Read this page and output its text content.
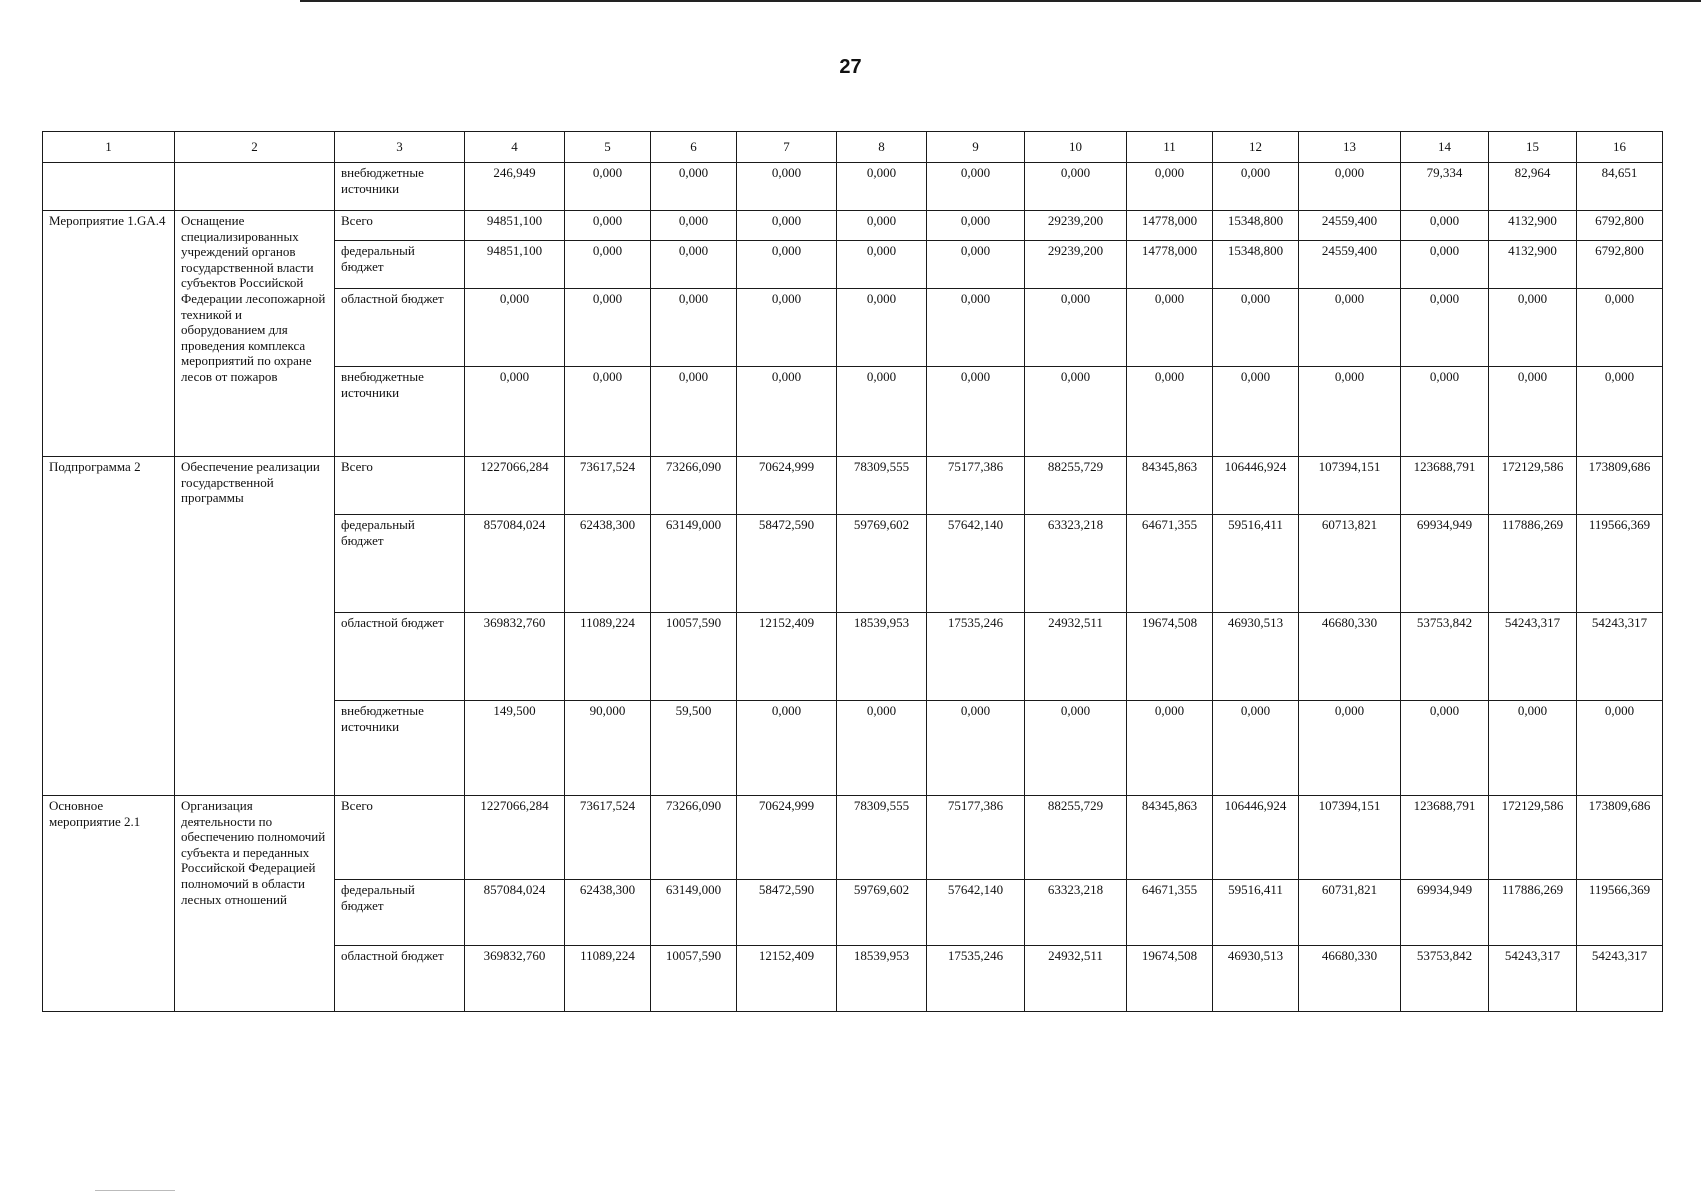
27
1	2	3	4	5	6	7	8	9	10	11	12	13	14	15	16
		внебюджетные источники	246,949	0,000	0,000	0,000	0,000	0,000	0,000	0,000	0,000	0,000	79,334	82,964	84,651
Мероприятие 1.GA.4	Оснащение специализированных учреждений органов государственной власти субъектов Российской Федерации лесопожарной техникой и оборудованием для проведения комплекса мероприятий по охране лесов от пожаров	Всего	94851,100	0,000	0,000	0,000	0,000	0,000	29239,200	14778,000	15348,800	24559,400	0,000	4132,900	6792,800
		федеральный бюджет	94851,100	0,000	0,000	0,000	0,000	0,000	29239,200	14778,000	15348,800	24559,400	0,000	4132,900	6792,800
		областной бюджет	0,000	0,000	0,000	0,000	0,000	0,000	0,000	0,000	0,000	0,000	0,000	0,000	0,000
		внебюджетные источники	0,000	0,000	0,000	0,000	0,000	0,000	0,000	0,000	0,000	0,000	0,000	0,000	0,000
Подпрограмма 2	Обеспечение реализации государственной программы	Всего	1227066,284	73617,524	73266,090	70624,999	78309,555	75177,386	88255,729	84345,863	106446,924	107394,151	123688,791	172129,586	173809,686
		федеральный бюджет	857084,024	62438,300	63149,000	58472,590	59769,602	57642,140	63323,218	64671,355	59516,411	60713,821	69934,949	117886,269	119566,369
		областной бюджет	369832,760	11089,224	10057,590	12152,409	18539,953	17535,246	24932,511	19674,508	46930,513	46680,330	53753,842	54243,317	54243,317
		внебюджетные источники	149,500	90,000	59,500	0,000	0,000	0,000	0,000	0,000	0,000	0,000	0,000	0,000	0,000
Основное мероприятие 2.1	Организация деятельности по обеспечению полномочий субъекта и переданных Российской Федерацией полномочий в области лесных отношений	Всего	1227066,284	73617,524	73266,090	70624,999	78309,555	75177,386	88255,729	84345,863	106446,924	107394,151	123688,791	172129,586	173809,686
		федеральный бюджет	857084,024	62438,300	63149,000	58472,590	59769,602	57642,140	63323,218	64671,355	59516,411	60731,821	69934,949	117886,269	119566,369
		областной бюджет	369832,760	11089,224	10057,590	12152,409	18539,953	17535,246	24932,511	19674,508	46930,513	46680,330	53753,842	54243,317	54243,317
